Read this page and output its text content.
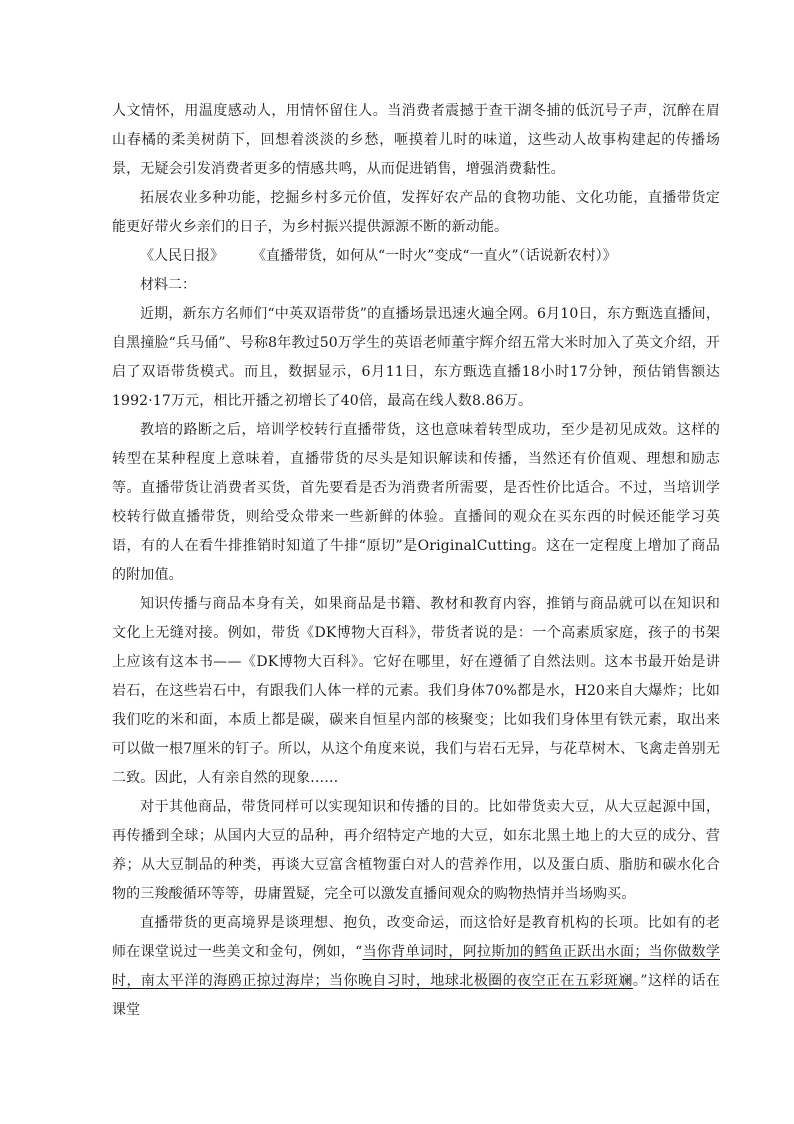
人文情怀，用温度感动人，用情怀留住人。当消费者震撼于查干湖冬捕的低沉号子声，沉醉在眉山春橘的柔美树荫下，回想着淡淡的乡愁，咂摸着儿时的味道，这些动人故事构建起的传播场景，无疑会引发消费者更多的情感共鸣，从而促进销售，增强消费黏性。

拓展农业多种功能，挖掘乡村多元价值，发挥好农产品的食物功能、文化功能，直播带货定能更好带火乡亲们的日子，为乡村振兴提供源源不断的新动能。

《人民日报》 《直播带货，如何从“一时火”变成“一直火”（话说新农村）》

材料二：

近期，新东方名师们“中英双语带货”的直播场景迅速火遍全网。6月10日，东方甄选直播间，自黑撞脸“兵马俑”、号称8年教过50万学生的英语老师董宇辉介绍五常大米时加入了英文介绍，开启了双语带货模式。而且，数据显示，6月11日，东方甄选直播18小时17分钟，预估销售额达1992·17万元，相比开播之初增长了40倍，最高在线人数8.86万。

教培的路断之后，培训学校转行直播带货，这也意味着转型成功，至少是初见成效。这样的转型在某种程度上意味着，直播带货的尽头是知识解读和传播，当然还有价值观、理想和励志等。直播带货让消费者买货，首先要看是否为消费者所需要，是否性价比适合。不过，当培训学校转行做直播带货，则给受众带来一些新鲜的体验。直播间的观众在买东西的时候还能学习英语，有的人在看牛排推销时知道了牛排“原切”是OriginalCutting。这在一定程度上增加了商品的附加值。

知识传播与商品本身有关，如果商品是书籍、教材和教育内容，推销与商品就可以在知识和文化上无缝对接。例如，带货《DK博物大百科》，带货者说的是：一个高素质家庭，孩子的书架上应该有这本书——《DK博物大百科》。它好在哪里，好在遵循了自然法则。这本书最开始是讲岩石，在这些岩石中，有跟我们人体一样的元素。我们身体70%都是水，H20来自大爆炸；比如我们吃的米和面，本质上都是碳，碳来自恒星内部的核聚变；比如我们身体里有铁元素，取出来可以做一根7厘米的钉子。所以，从这个角度来说，我们与岩石无异，与花草树木、飞禽走兽别无二致。因此，人有亲自然的现象……

对于其他商品，带货同样可以实现知识和传播的目的。比如带货卖大豆，从大豆起源中国，再传播到全球；从国内大豆的品种，再介绍特定产地的大豆，如东北黑土地上的大豆的成分、营养；从大豆制品的种类，再谈大豆富含植物蛋白对人的营养作用，以及蛋白质、脂肪和碳水化合物的三羧酸循环等等，毋庸置疑，完全可以激发直播间观众的购物热情并当场购买。

直播带货的更高境界是谈理想、抱负，改变命运，而这恰好是教育机构的长项。比如有的老师在课堂说过一些美文和金句，例如，“当你背单词时，阿拉斯加的鳕鱼正跃出水面；当你做数学时，南太平洋的海鸥正掠过海岸；当你晚自习时，地球北极圈的夜空正在五彩斑斓。”这样的话在课堂
